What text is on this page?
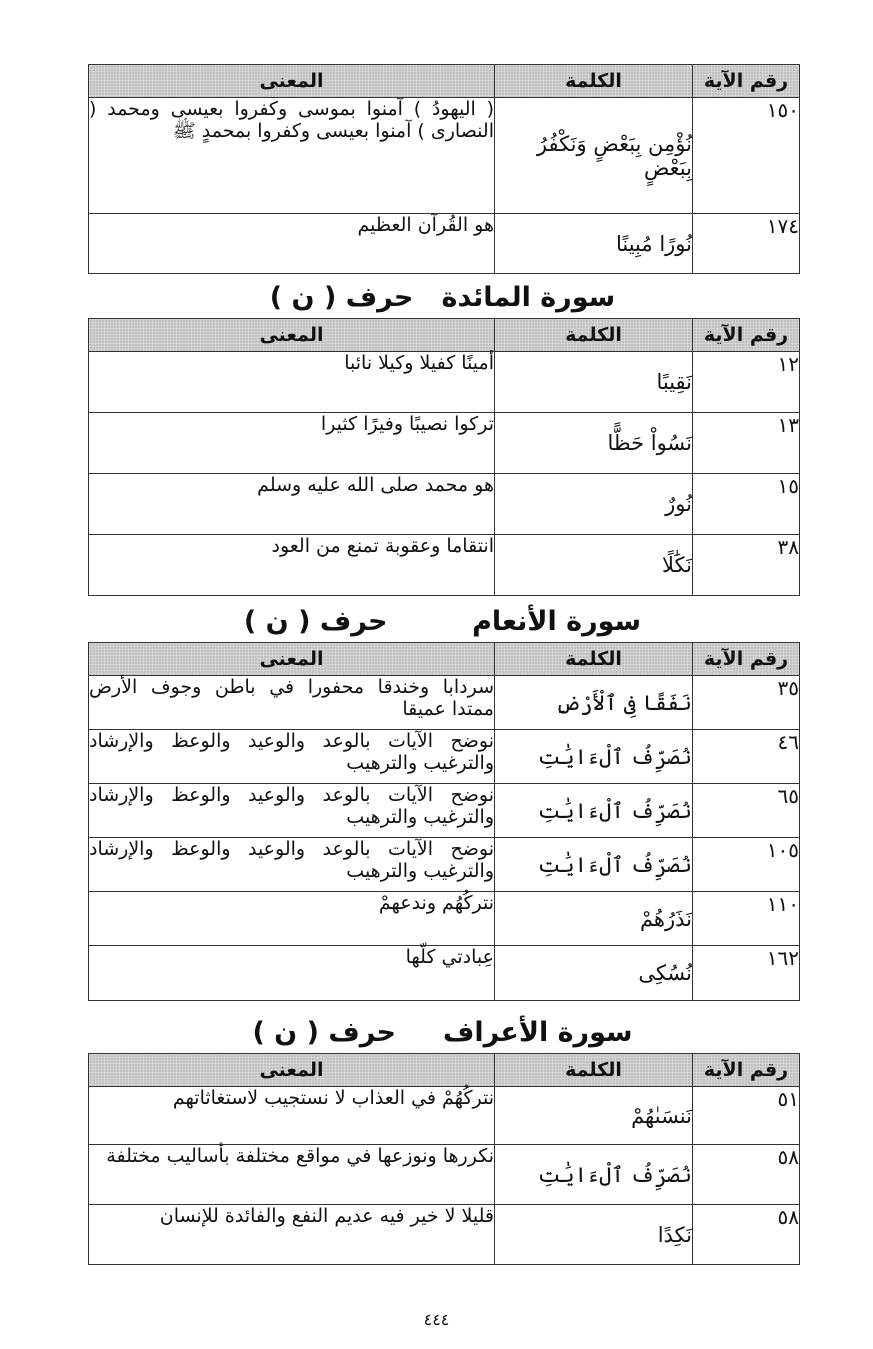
رقم الآية	الكلمة	المعنى
١٥٠	نُؤْمِن بِبَعْضٍ وَنَكْفُرُ بِبَعْضٍ	( اليهودُ ) آمنوا بموسى وكفروا بعيسى ومحمد ( النصارى ) آمنوا بعيسى وكفروا بمحمدٍ ﷺ
١٧٤	نُورًا مُبِينًا	هو القُرآن العظيم
سورة المائدة   حرف ( ن )
رقم الآية	الكلمة	المعنى
١٢	نَقِيبًا	أمينًا كفيلا وكيلا نائبا
١٣	نَسُواْ حَظًّا	تركوا نصيبًا وفيرًا كثيرا
١٥	نُورٌ	هو محمد صلى الله عليه وسلم
٣٨	نَكَٰلًا	انتقاما وعقوبة تمنع من العود
سورة الأنعام         حرف ( ن )
رقم الآية	الكلمة	المعنى
٣٥	نَفَقًا فِى ٱلْأَرْضِ	سردابا وخندقا محفورا في باطن وجوف الأرض ممتدا عميقا
٤٦	نُصَرِّفُ ٱلْءَايَٰتِ	نوضح الآيات بالوعد والوعيد والوعظ والإرشاد والترغيب والترهيب
٦٥	نُصَرِّفُ ٱلْءَايَٰتِ	نوضح الآيات بالوعد والوعيد والوعظ والإرشاد والترغيب والترهيب
١٠٥	نُصَرِّفُ ٱلْءَايَٰتِ	نوضح الآيات بالوعد والوعيد والوعظ والإرشاد والترغيب والترهيب
١١٠	نَذَرُهُمْ	نتركُهُم وندعهمْ
١٦٢	نُسُكِى	عِبادتي كلّها
سورة الأعراف     حرف ( ن )
رقم الآية	الكلمة	المعنى
٥١	نَنسَىٰهُمْ	نتركُهُمْ في العذاب لا نستجيب لاستغاثاتهم
٥٨	نُصَرِّفُ ٱلْءَايَٰتِ	نكررها ونوزعها في مواقع مختلفة بأساليب مختلفة
٥٨	نَكِدًا	قليلا لا خير فيه عديم النفع والفائدة للإنسان
٤٤٤
